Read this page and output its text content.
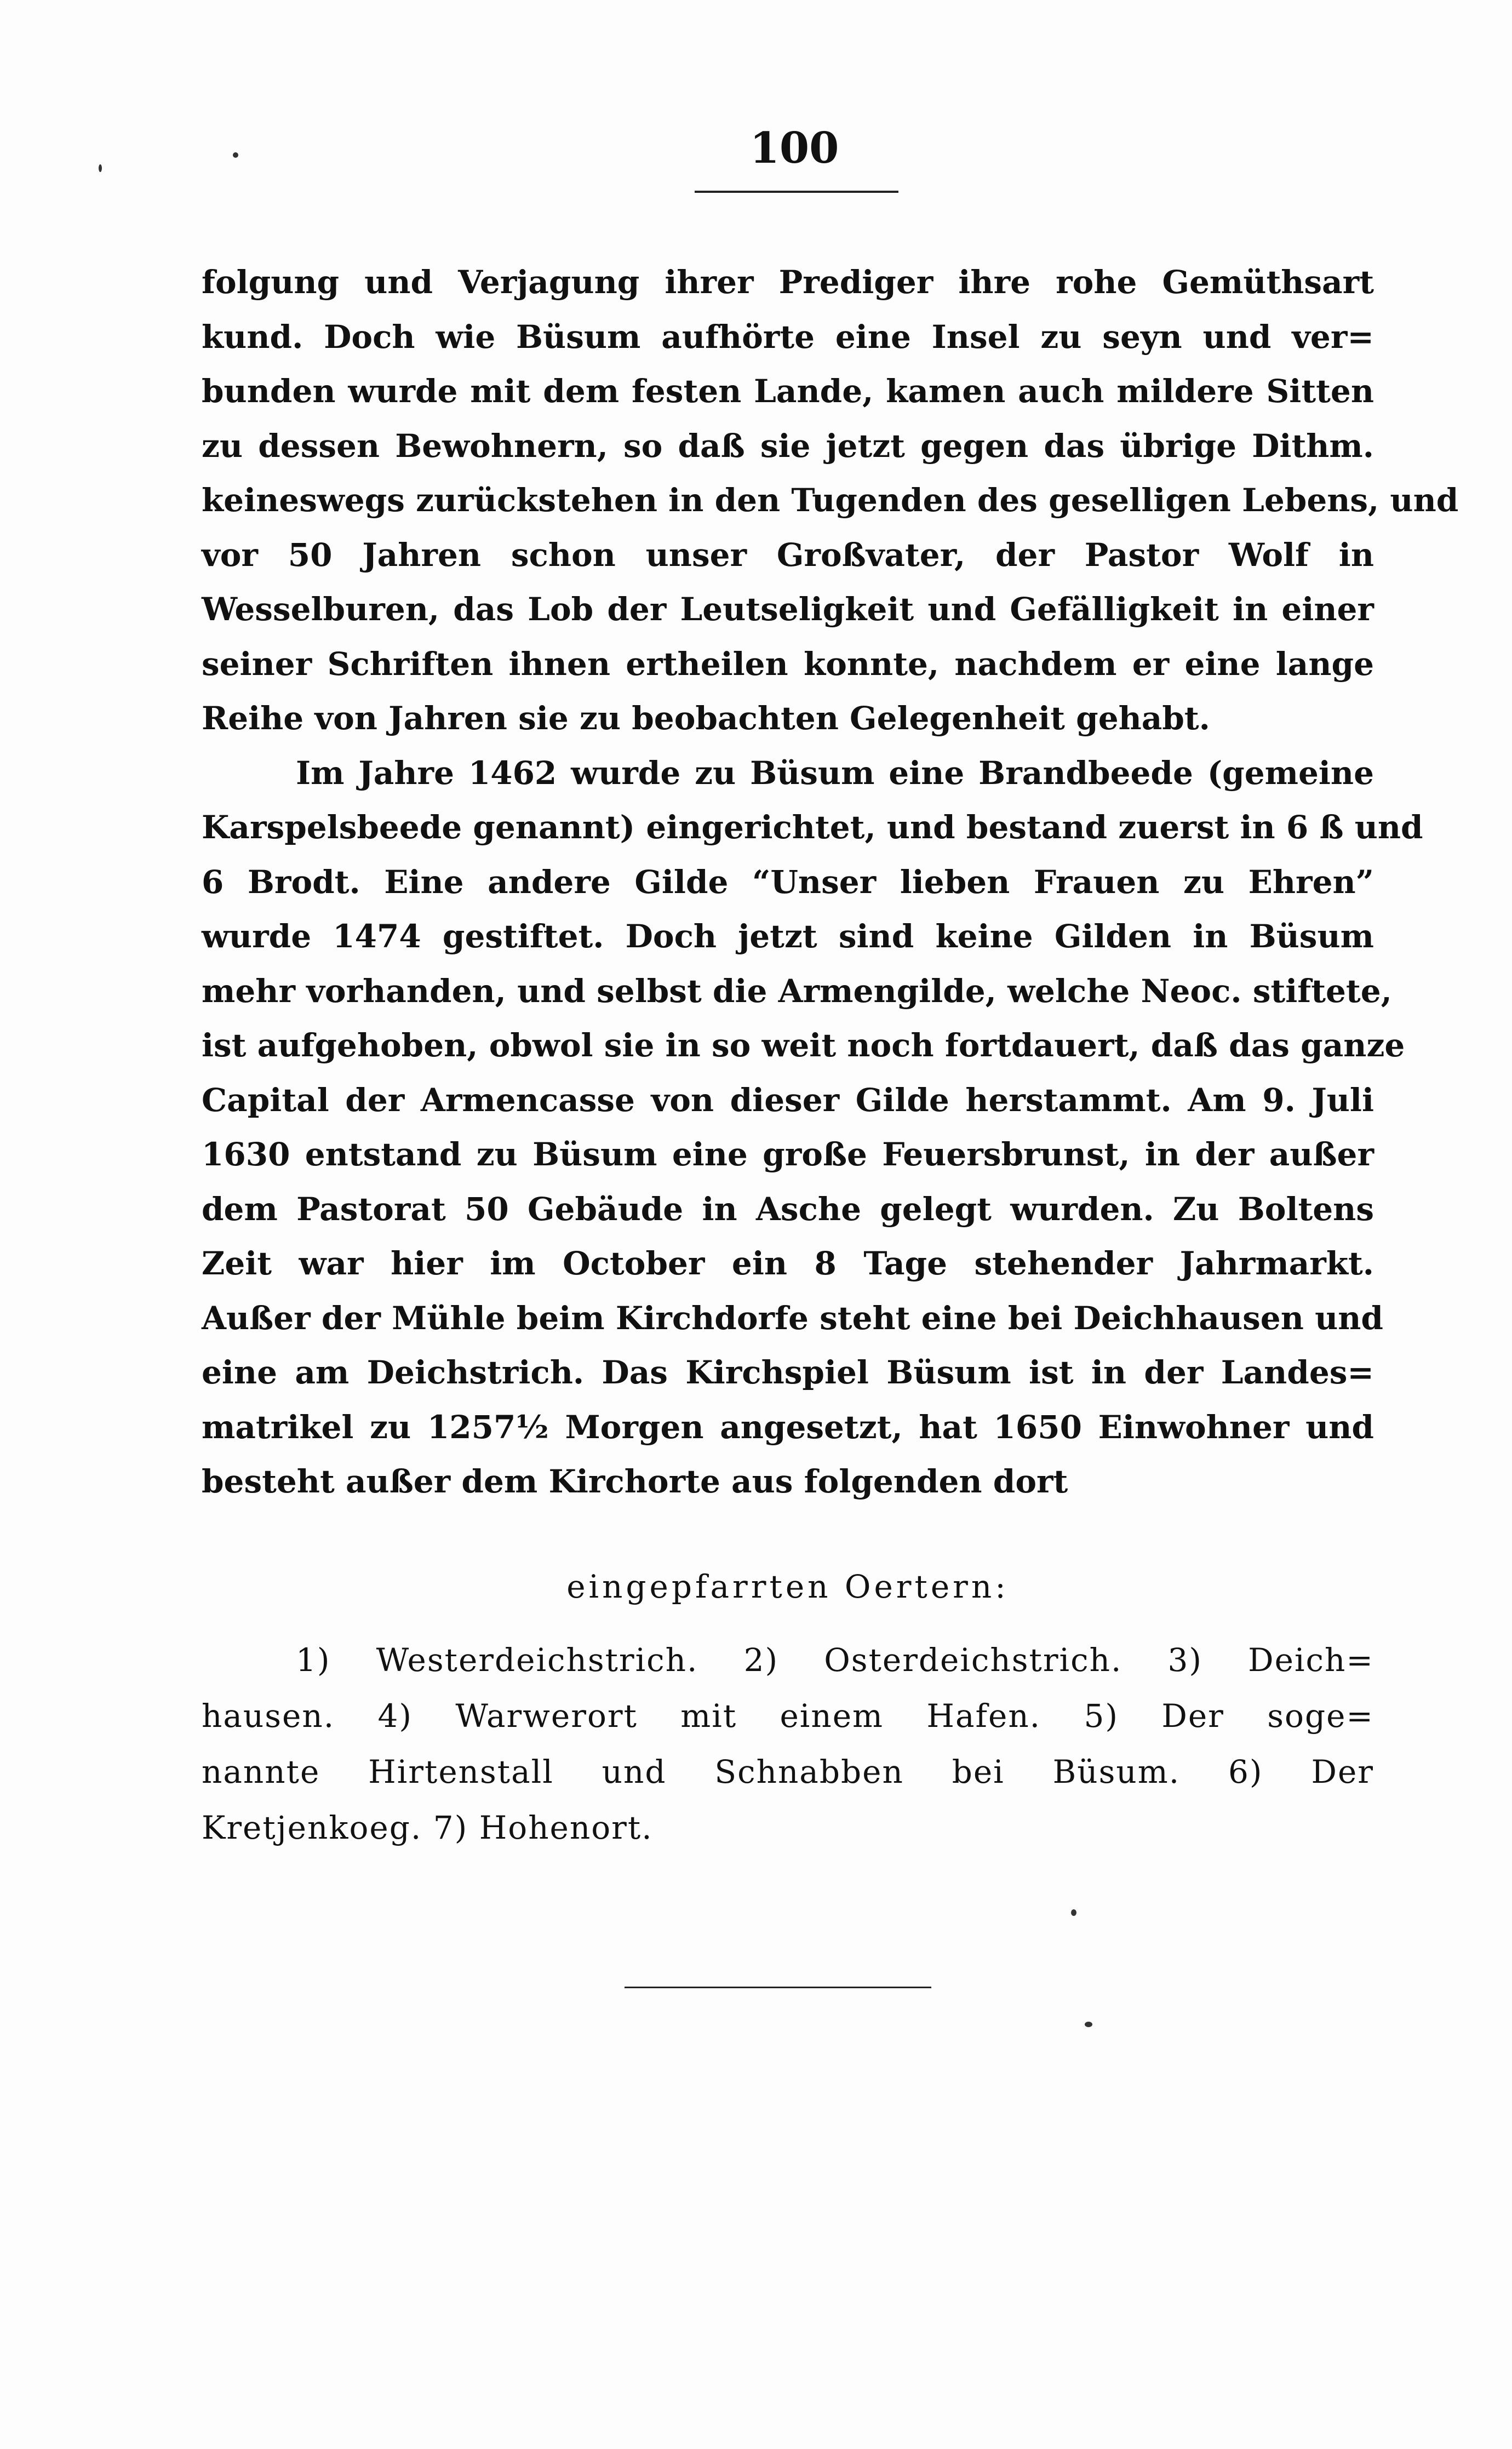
100
folgung und Verjagung ihrer Prediger ihre rohe Gemüthsart
kund. Doch wie Büsum aufhörte eine Insel zu seyn und ver=
bunden wurde mit dem festen Lande, kamen auch mildere Sitten
zu dessen Bewohnern, so daß sie jetzt gegen das übrige Dithm.
keineswegs zurückstehen in den Tugenden des geselligen Lebens, und
vor 50 Jahren schon unser Großvater, der Pastor Wolf in
Wesselburen, das Lob der Leutseligkeit und Gefälligkeit in einer
seiner Schriften ihnen ertheilen konnte, nachdem er eine lange
Reihe von Jahren sie zu beobachten Gelegenheit gehabt.
Im Jahre 1462 wurde zu Büsum eine Brandbeede (gemeine
Karspelsbeede genannt) eingerichtet, und bestand zuerst in 6 ß und
6 Brodt. Eine andere Gilde “Unser lieben Frauen zu Ehren”
wurde 1474 gestiftet. Doch jetzt sind keine Gilden in Büsum
mehr vorhanden, und selbst die Armengilde, welche Neoc. stiftete,
ist aufgehoben, obwol sie in so weit noch fortdauert, daß das ganze
Capital der Armencasse von dieser Gilde herstammt. Am 9. Juli
1630 entstand zu Büsum eine große Feuersbrunst, in der außer
dem Pastorat 50 Gebäude in Asche gelegt wurden. Zu Boltens
Zeit war hier im October ein 8 Tage stehender Jahrmarkt.
Außer der Mühle beim Kirchdorfe steht eine bei Deichhausen und
eine am Deichstrich. Das Kirchspiel Büsum ist in der Landes=
matrikel zu 1257½ Morgen angesetzt, hat 1650 Einwohner und
besteht außer dem Kirchorte aus folgenden dort
eingepfarrten Oertern:
1) Westerdeichstrich. 2) Osterdeichstrich. 3) Deich=
hausen. 4) Warwerort mit einem Hafen. 5) Der soge=
nannte Hirtenstall und Schnabben bei Büsum. 6) Der
Kretjenkoeg. 7) Hohenort.
